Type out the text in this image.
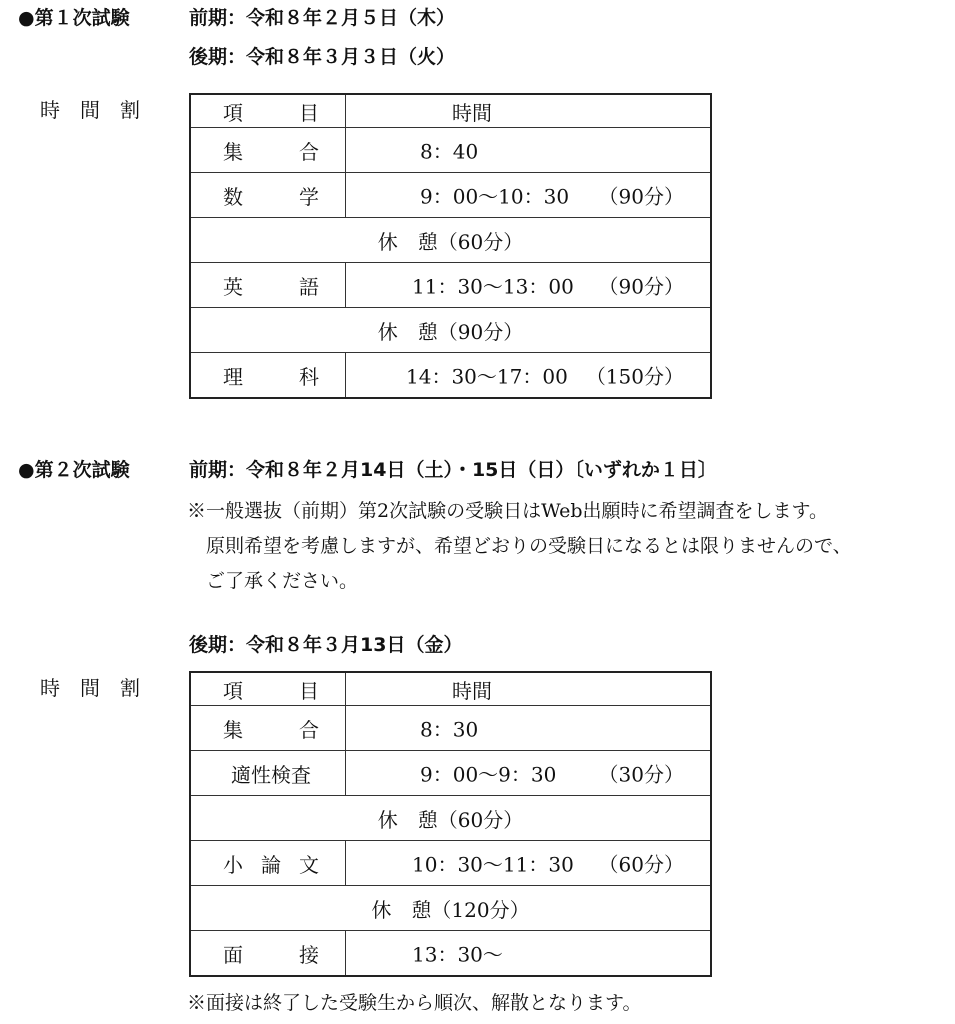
●第１次試験	前期：令和８年２月５日（木）
後期：令和８年３月３日（火）
時間割	項 目	時間

集 合	8：40

数 学	9：00〜10：30 （90分）

休　憩（60分）	

英 語	11：30〜13：00 （90分）

休　憩（90分）	

理 科	14：30〜17：00 （150分）
●第２次試験	前期：令和８年２月14日（土）・15日（日）〔いずれか１日〕
※一般選抜（前期）第2次試験の受験日はWeb出願時に希望調査をします。
　原則希望を考慮しますが、希望どおりの受験日になるとは限りませんので、
　ご了承ください。
後期：令和８年３月13日（金）
時間割	項 目	時間

集 合	8：30

適性検査	9：00〜9：30 （30分）

休　憩（60分）	

小 論 文	10：30〜11：30 （60分）

休　憩（120分）	

面 接	13：30〜
※面接は終了した受験生から順次、解散となります。
